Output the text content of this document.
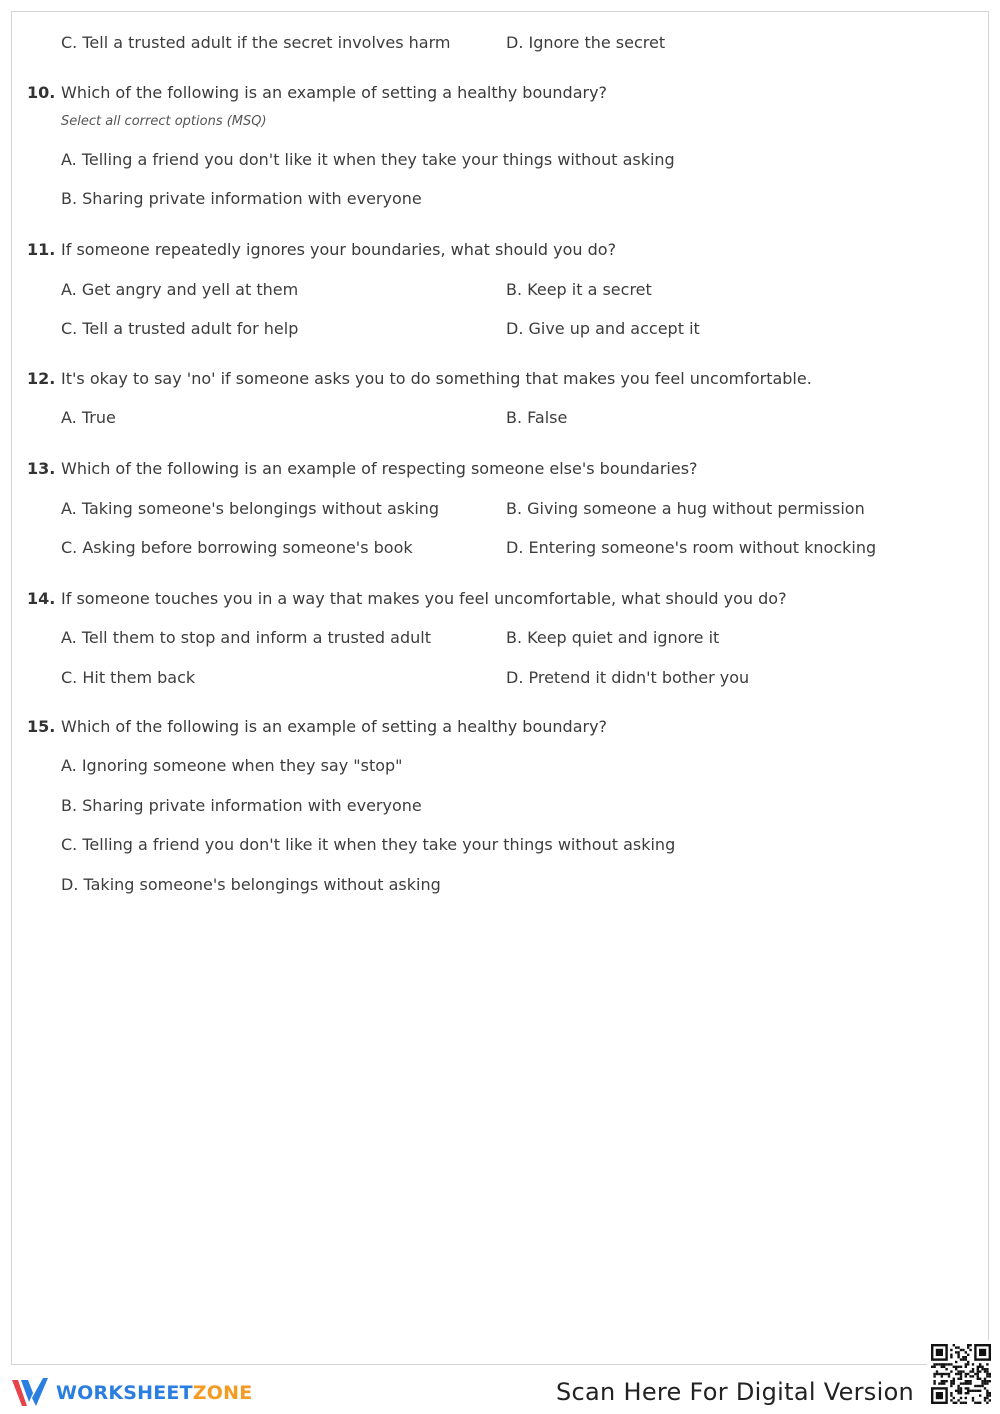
C. Tell a trusted adult if the secret involves harm	D. Ignore the secret
10. Which of the following is an example of setting a healthy boundary?
Select all correct options (MSQ)
A. Telling a friend you don't like it when they take your things without asking
B. Sharing private information with everyone
11. If someone repeatedly ignores your boundaries, what should you do?
A. Get angry and yell at them	B. Keep it a secret
C. Tell a trusted adult for help	D. Give up and accept it
12. It's okay to say 'no' if someone asks you to do something that makes you feel uncomfortable.
A. True	B. False
13. Which of the following is an example of respecting someone else's boundaries?
A. Taking someone's belongings without asking	B. Giving someone a hug without permission
C. Asking before borrowing someone's book	D. Entering someone's room without knocking
14. If someone touches you in a way that makes you feel uncomfortable, what should you do?
A. Tell them to stop and inform a trusted adult	B. Keep quiet and ignore it
C. Hit them back	D. Pretend it didn't bother you
15. Which of the following is an example of setting a healthy boundary?
A. Ignoring someone when they say "stop"
B. Sharing private information with everyone
C. Telling a friend you don't like it when they take your things without asking
D. Taking someone's belongings without asking
WORKSHEETZONE	Scan Here For Digital Version
